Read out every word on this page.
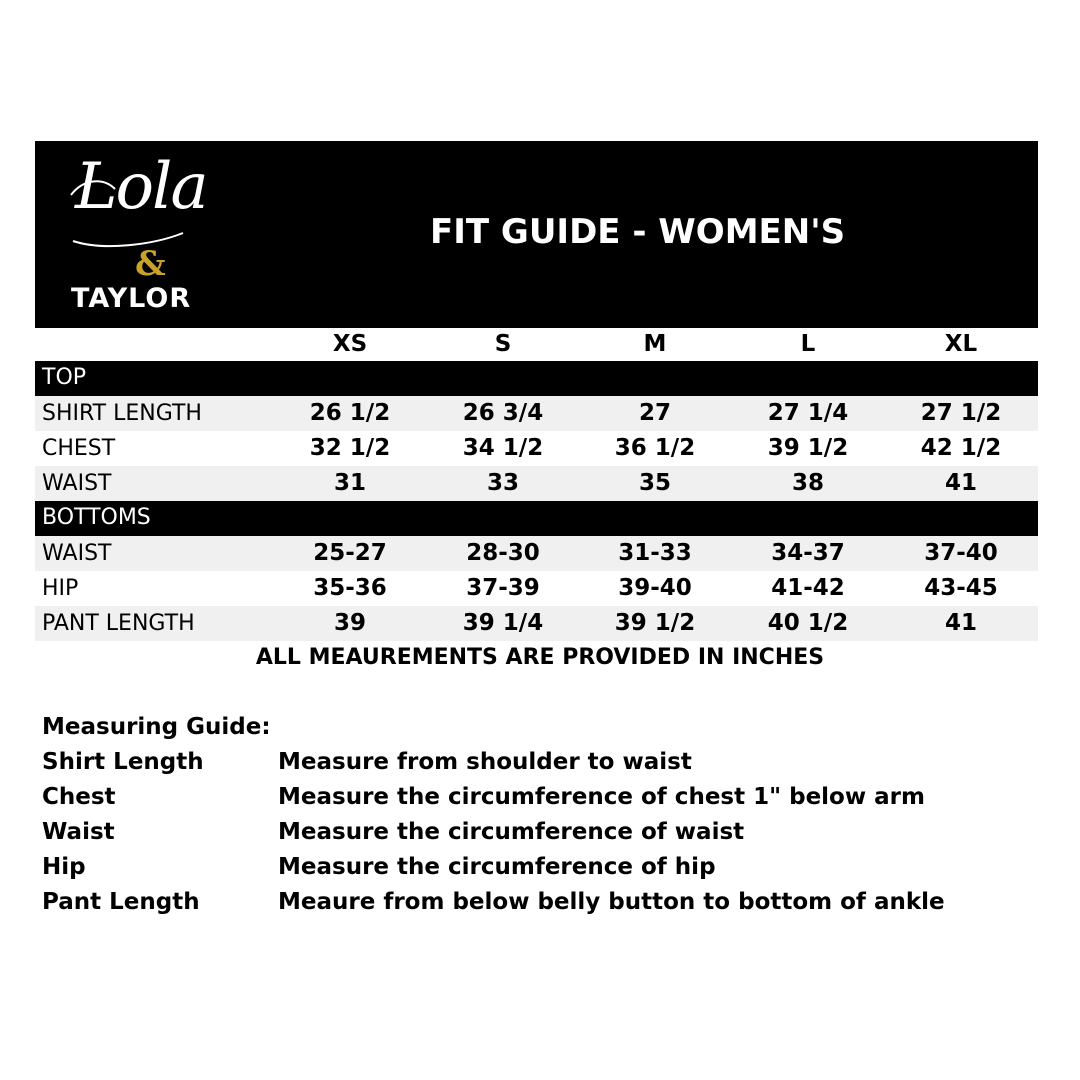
Lola
&
TAYLOR
FIT GUIDE - WOMEN'S
XS	S	M	L	XL
TOP
SHIRT LENGTH	26 1/2	26 3/4	27	27 1/4	27 1/2
CHEST	32 1/2	34 1/2	36 1/2	39 1/2	42 1/2
WAIST	31	33	35	38	41
BOTTOMS
WAIST	25-27	28-30	31-33	34-37	37-40
HIP	35-36	37-39	39-40	41-42	43-45
PANT LENGTH	39	39 1/4	39 1/2	40 1/2	41
ALL MEAUREMENTS ARE PROVIDED IN INCHES
Measuring Guide:
Shirt Length	Measure from shoulder to waist
Chest	Measure the circumference of chest 1" below arm
Waist	Measure the circumference of waist
Hip	Measure the circumference of hip
Pant Length	Meaure from below belly button to bottom of ankle
